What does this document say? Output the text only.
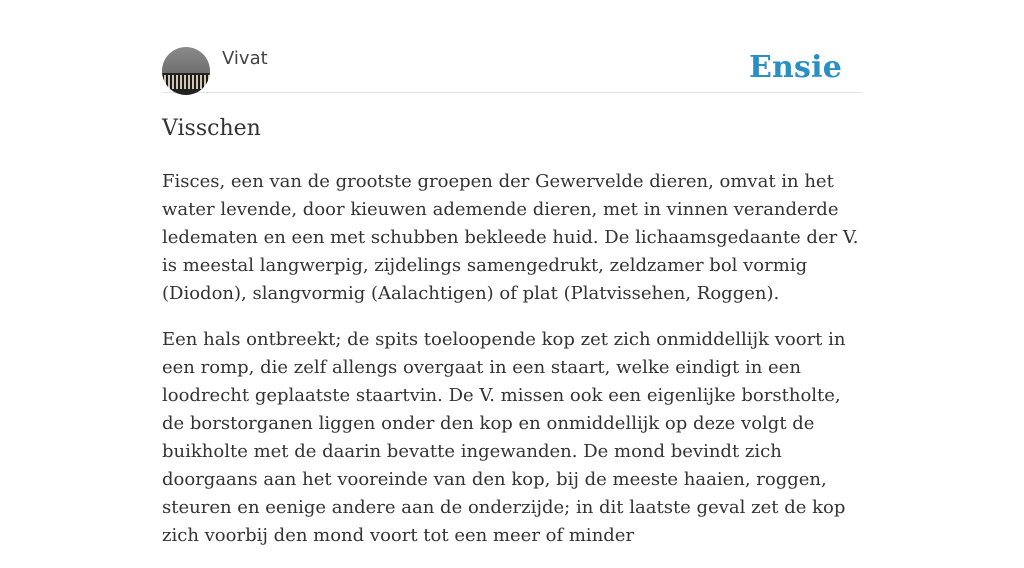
Vivat	Ensie
Visschen

Fisces, een van de grootste groepen der Gewervelde dieren, omvat in het water levende, door kieuwen ademende dieren, met in vinnen veranderde ledematen en een met schubben bekleede huid. De lichaamsgedaante der V. is meestal langwerpig, zijdelings samengedrukt, zeldzamer bol vormig (Diodon), slangvormig (Aalachtigen) of plat (Platvissehen, Roggen).

Een hals ontbreekt; de spits toeloopende kop zet zich onmiddellijk voort in een romp, die zelf allengs overgaat in een staart, welke eindigt in een loodrecht geplaatste staartvin. De V. missen ook een eigenlijke borstholte, de borstorganen liggen onder den kop en onmiddellijk op deze volgt de buikholte met de daarin bevatte ingewanden. De mond bevindt zich doorgaans aan het vooreinde van den kop, bij de meeste haaien, roggen, steuren en eenige andere aan de onderzijde; in dit laatste geval zet de kop zich voorbij den mond voort tot een meer of minder
